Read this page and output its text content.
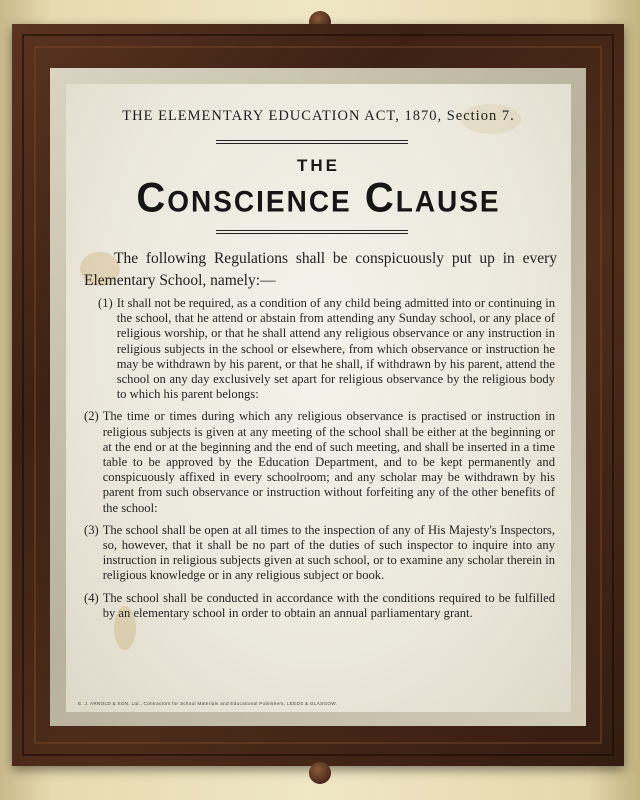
THE ELEMENTARY EDUCATION ACT, 1870, Section 7.
THE
Conscience Clause
The following Regulations shall be conspicuously put up in every Elementary School, namely:—
(1) It shall not be required, as a condition of any child being admitted into or continuing in the school, that he attend or abstain from attending any Sunday school, or any place of religious worship, or that he shall attend any religious observance or any instruction in religious subjects in the school or elsewhere, from which observance or instruction he may be withdrawn by his parent, or that he shall, if withdrawn by his parent, attend the school on any day exclusively set apart for religious observance by the religious body to which his parent belongs:
(2) The time or times during which any religious observance is practised or instruction in religious subjects is given at any meeting of the school shall be either at the beginning or at the end or at the beginning and the end of such meeting, and shall be inserted in a time table to be approved by the Education Department, and to be kept permanently and conspicuously affixed in every schoolroom; and any scholar may be withdrawn by his parent from such observance or instruction without forfeiting any of the other benefits of the school:
(3) The school shall be open at all times to the inspection of any of His Majesty's Inspectors, so, however, that it shall be no part of the duties of such inspector to inquire into any instruction in religious subjects given at such school, or to examine any scholar therein in religious knowledge or in any religious subject or book.
(4) The school shall be conducted in accordance with the conditions required to be fulfilled by an elementary school in order to obtain an annual parliamentary grant.
E. J. ARNOLD & SON, Ltd., Contractors for School Materials and Educational Publishers, LEEDS & GLASGOW.
